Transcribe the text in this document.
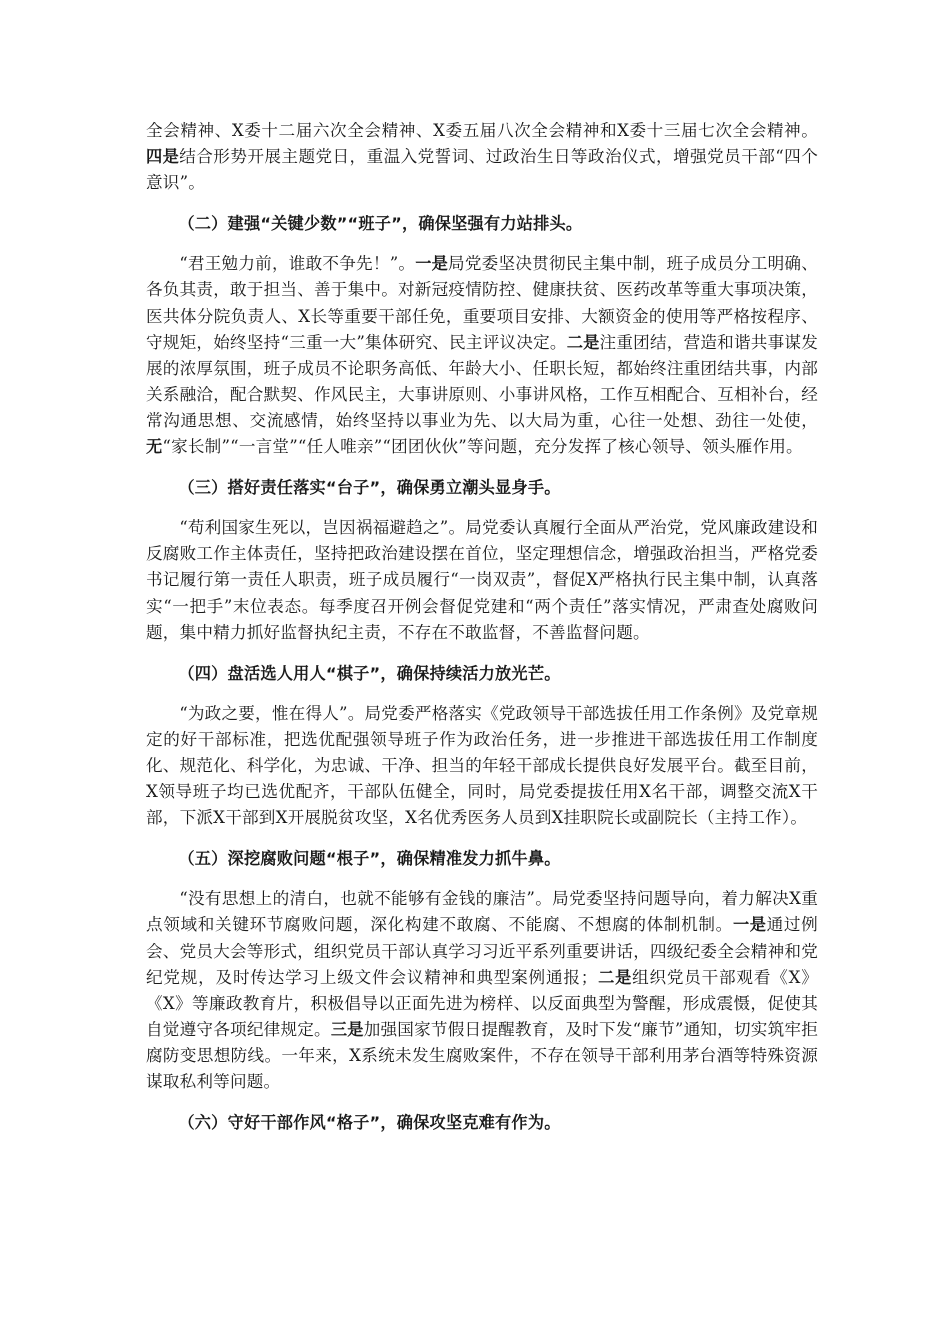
全会精神、X委十二届六次全会精神、X委五届八次全会精神和X委十三届七次全会精神。四是结合形势开展主题党日，重温入党誓词、过政治生日等政治仪式，增强党员干部“四个意识”。

（二）建强“关键少数”“班子”，确保坚强有力站排头。

“君王勉力前，谁敢不争先！”。一是局党委坚决贯彻民主集中制，班子成员分工明确、各负其责，敢于担当、善于集中。对新冠疫情防控、健康扶贫、医药改革等重大事项决策，医共体分院负责人、X长等重要干部任免，重要项目安排、大额资金的使用等严格按程序、守规矩，始终坚持“三重一大”集体研究、民主评议决定。二是注重团结，营造和谐共事谋发展的浓厚氛围，班子成员不论职务高低、年龄大小、任职长短，都始终注重团结共事，内部关系融洽，配合默契、作风民主，大事讲原则、小事讲风格，工作互相配合、互相补台，经常沟通思想、交流感情，始终坚持以事业为先、以大局为重，心往一处想、劲往一处使，无“家长制”“一言堂”“任人唯亲”“团团伙伙”等问题，充分发挥了核心领导、领头雁作用。

（三）搭好责任落实“台子”，确保勇立潮头显身手。

“苟利国家生死以，岂因祸福避趋之”。局党委认真履行全面从严治党，党风廉政建设和反腐败工作主体责任，坚持把政治建设摆在首位，坚定理想信念，增强政治担当，严格党委书记履行第一责任人职责，班子成员履行“一岗双责”，督促X严格执行民主集中制，认真落实“一把手”末位表态。每季度召开例会督促党建和“两个责任”落实情况，严肃查处腐败问题，集中精力抓好监督执纪主责，不存在不敢监督，不善监督问题。

（四）盘活选人用人“棋子”，确保持续活力放光芒。

“为政之要，惟在得人”。局党委严格落实《党政领导干部选拔任用工作条例》及党章规定的好干部标准，把选优配强领导班子作为政治任务，进一步推进干部选拔任用工作制度化、规范化、科学化，为忠诚、干净、担当的年轻干部成长提供良好发展平台。截至目前，X领导班子均已选优配齐，干部队伍健全，同时，局党委提拔任用X名干部，调整交流X干部，下派X干部到X开展脱贫攻坚，X名优秀医务人员到X挂职院长或副院长（主持工作）。

（五）深挖腐败问题“根子”，确保精准发力抓牛鼻。

“没有思想上的清白，也就不能够有金钱的廉洁”。局党委坚持问题导向，着力解决X重点领域和关键环节腐败问题，深化构建不敢腐、不能腐、不想腐的体制机制。一是通过例会、党员大会等形式，组织党员干部认真学习习近平系列重要讲话，四级纪委全会精神和党纪党规，及时传达学习上级文件会议精神和典型案例通报；二是组织党员干部观看《X》《X》等廉政教育片，积极倡导以正面先进为榜样、以反面典型为警醒，形成震慑，促使其自觉遵守各项纪律规定。三是加强国家节假日提醒教育，及时下发“廉节”通知，切实筑牢拒腐防变思想防线。一年来，X系统未发生腐败案件，不存在领导干部利用茅台酒等特殊资源谋取私利等问题。

（六）守好干部作风“格子”，确保攻坚克难有作为。
